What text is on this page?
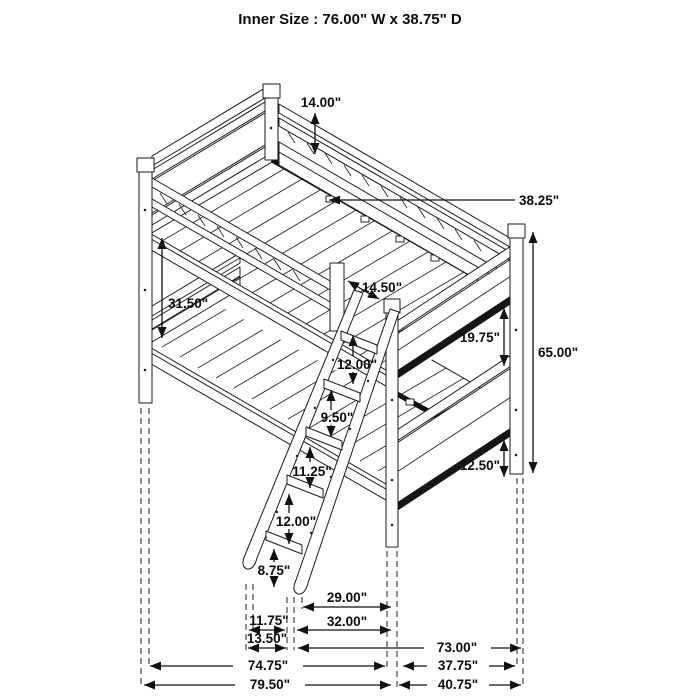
14.00"
38.25"
31.50"
14.50"
19.75"
65.00"
12.00"
9.50"
11.25"
12.00"
8.75"
12.50"
29.00"
11.75"	32.00"
13.50"
73.00"
74.75"	37.75"
79.50"	40.75"
Inner Size : 76.00" W x 38.75" D
